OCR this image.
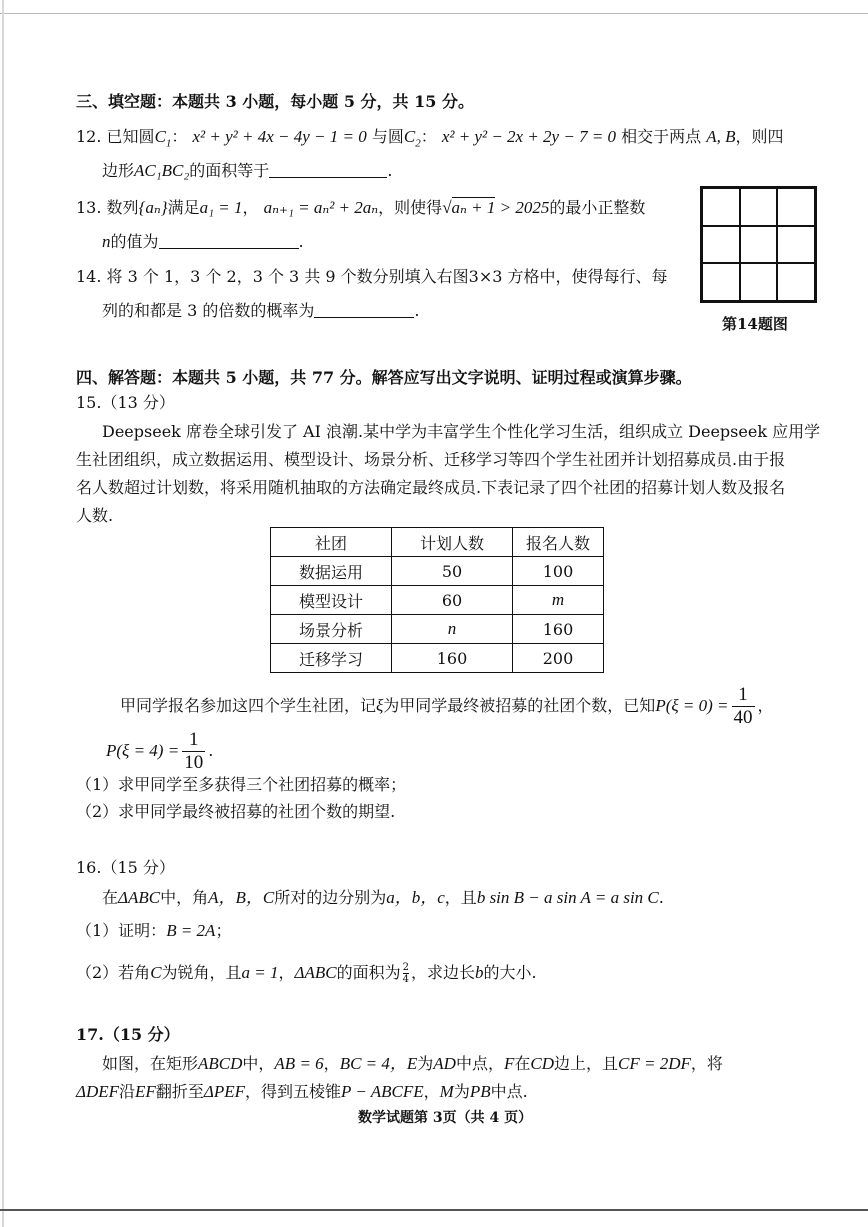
三、填空题：本题共 3 小题，每小题 5 分，共 15 分。
12. 已知圆$C_1$： x² + y² + 4x − 4y − 1 = 0 与圆$C_2$： x² + y² − 2x + 2y − 7 = 0 相交于两点 A, B，则四
边形AC₁BC₂的面积等于	.
13. 数列{aₙ}满足a₁ = 1， aₙ₊₁ = aₙ² + 2aₙ，则使得√aₙ + 1 > 2025的最小正整数
n的值为	.
14. 将 3 个 1，3 个 2，3 个 3 共 9 个数分别填入右图3×3 方格中，使得每行、每
列的和都是 3 的倍数的概率为	.
第14题图
四、解答题：本题共 5 小题，共 77 分。解答应写出文字说明、证明过程或演算步骤。
15.（13 分）
Deepseek 席卷全球引发了 AI 浪潮.某中学为丰富学生个性化学习生活，组织成立 Deepseek 应用学
生社团组织，成立数据运用、模型设计、场景分析、迁移学习等四个学生社团并计划招募成员.由于报
名人数超过计划数，将采用随机抽取的方法确定最终成员.下表记录了四个社团的招募计划人数及报名
人数.
社团	计划人数	报名人数
数据运用	50	100
模型设计	60	m
场景分析	n	160
迁移学习	160	200
甲同学报名参加这四个学生社团，记ξ为甲同学最终被招募的社团个数，已知$P(\xi = 0) = \frac{1}{40}$ ，
$P(\xi = 4) = \frac{1}{10}$ .
（1）求甲同学至多获得三个社团招募的概率；
（2）求甲同学最终被招募的社团个数的期望.
16.（15 分）
在ΔABC中，角A，B，C所对的边分别为a，b，c，且b sin B − a sin A = a sin C.
（1）证明：B = 2A；
（2）若角C为锐角，且a = 1，ΔABC的面积为 $\frac{2}{4}$ ，求边长b的大小.
17.（15 分）
如图，在矩形ABCD中，AB = 6，BC = 4，E为AD中点，F在CD边上，且CF = 2DF，将
ΔDEF沿EF翻折至ΔPEF，得到五棱锥P − ABCFE，M为PB中点.
数学试题第 3页（共 4 页）
